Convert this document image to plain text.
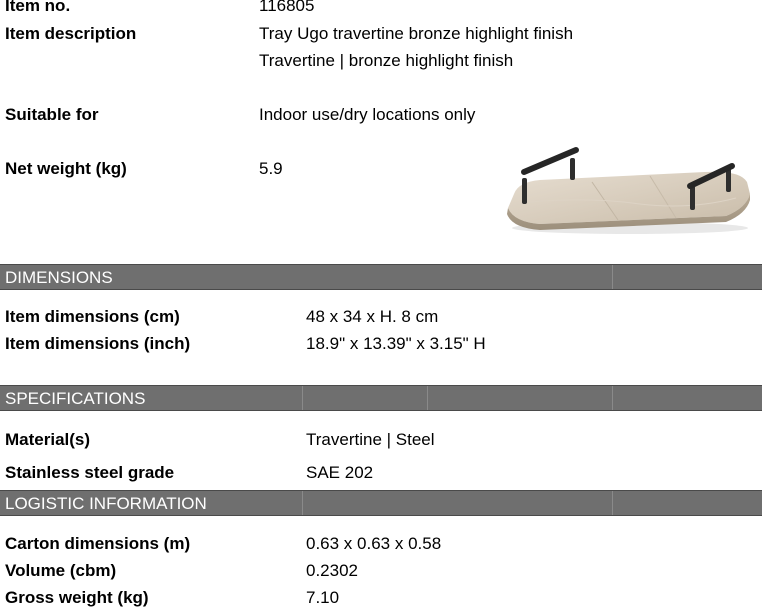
Item no.	116805
Item description	Tray Ugo travertine bronze highlight finish
Travertine | bronze highlight finish
Suitable for	Indoor use/dry locations only
Net weight (kg)	5.9
DIMENSIONS
Item dimensions (cm)	48 x 34 x H. 8 cm
Item dimensions (inch)	18.9" x 13.39" x 3.15" H
SPECIFICATIONS
Material(s)	Travertine | Steel
Stainless steel grade	SAE 202
LOGISTIC INFORMATION
Carton dimensions (m)	0.63 x 0.63 x 0.58
Volume (cbm)	0.2302
Gross weight (kg)	7.10
